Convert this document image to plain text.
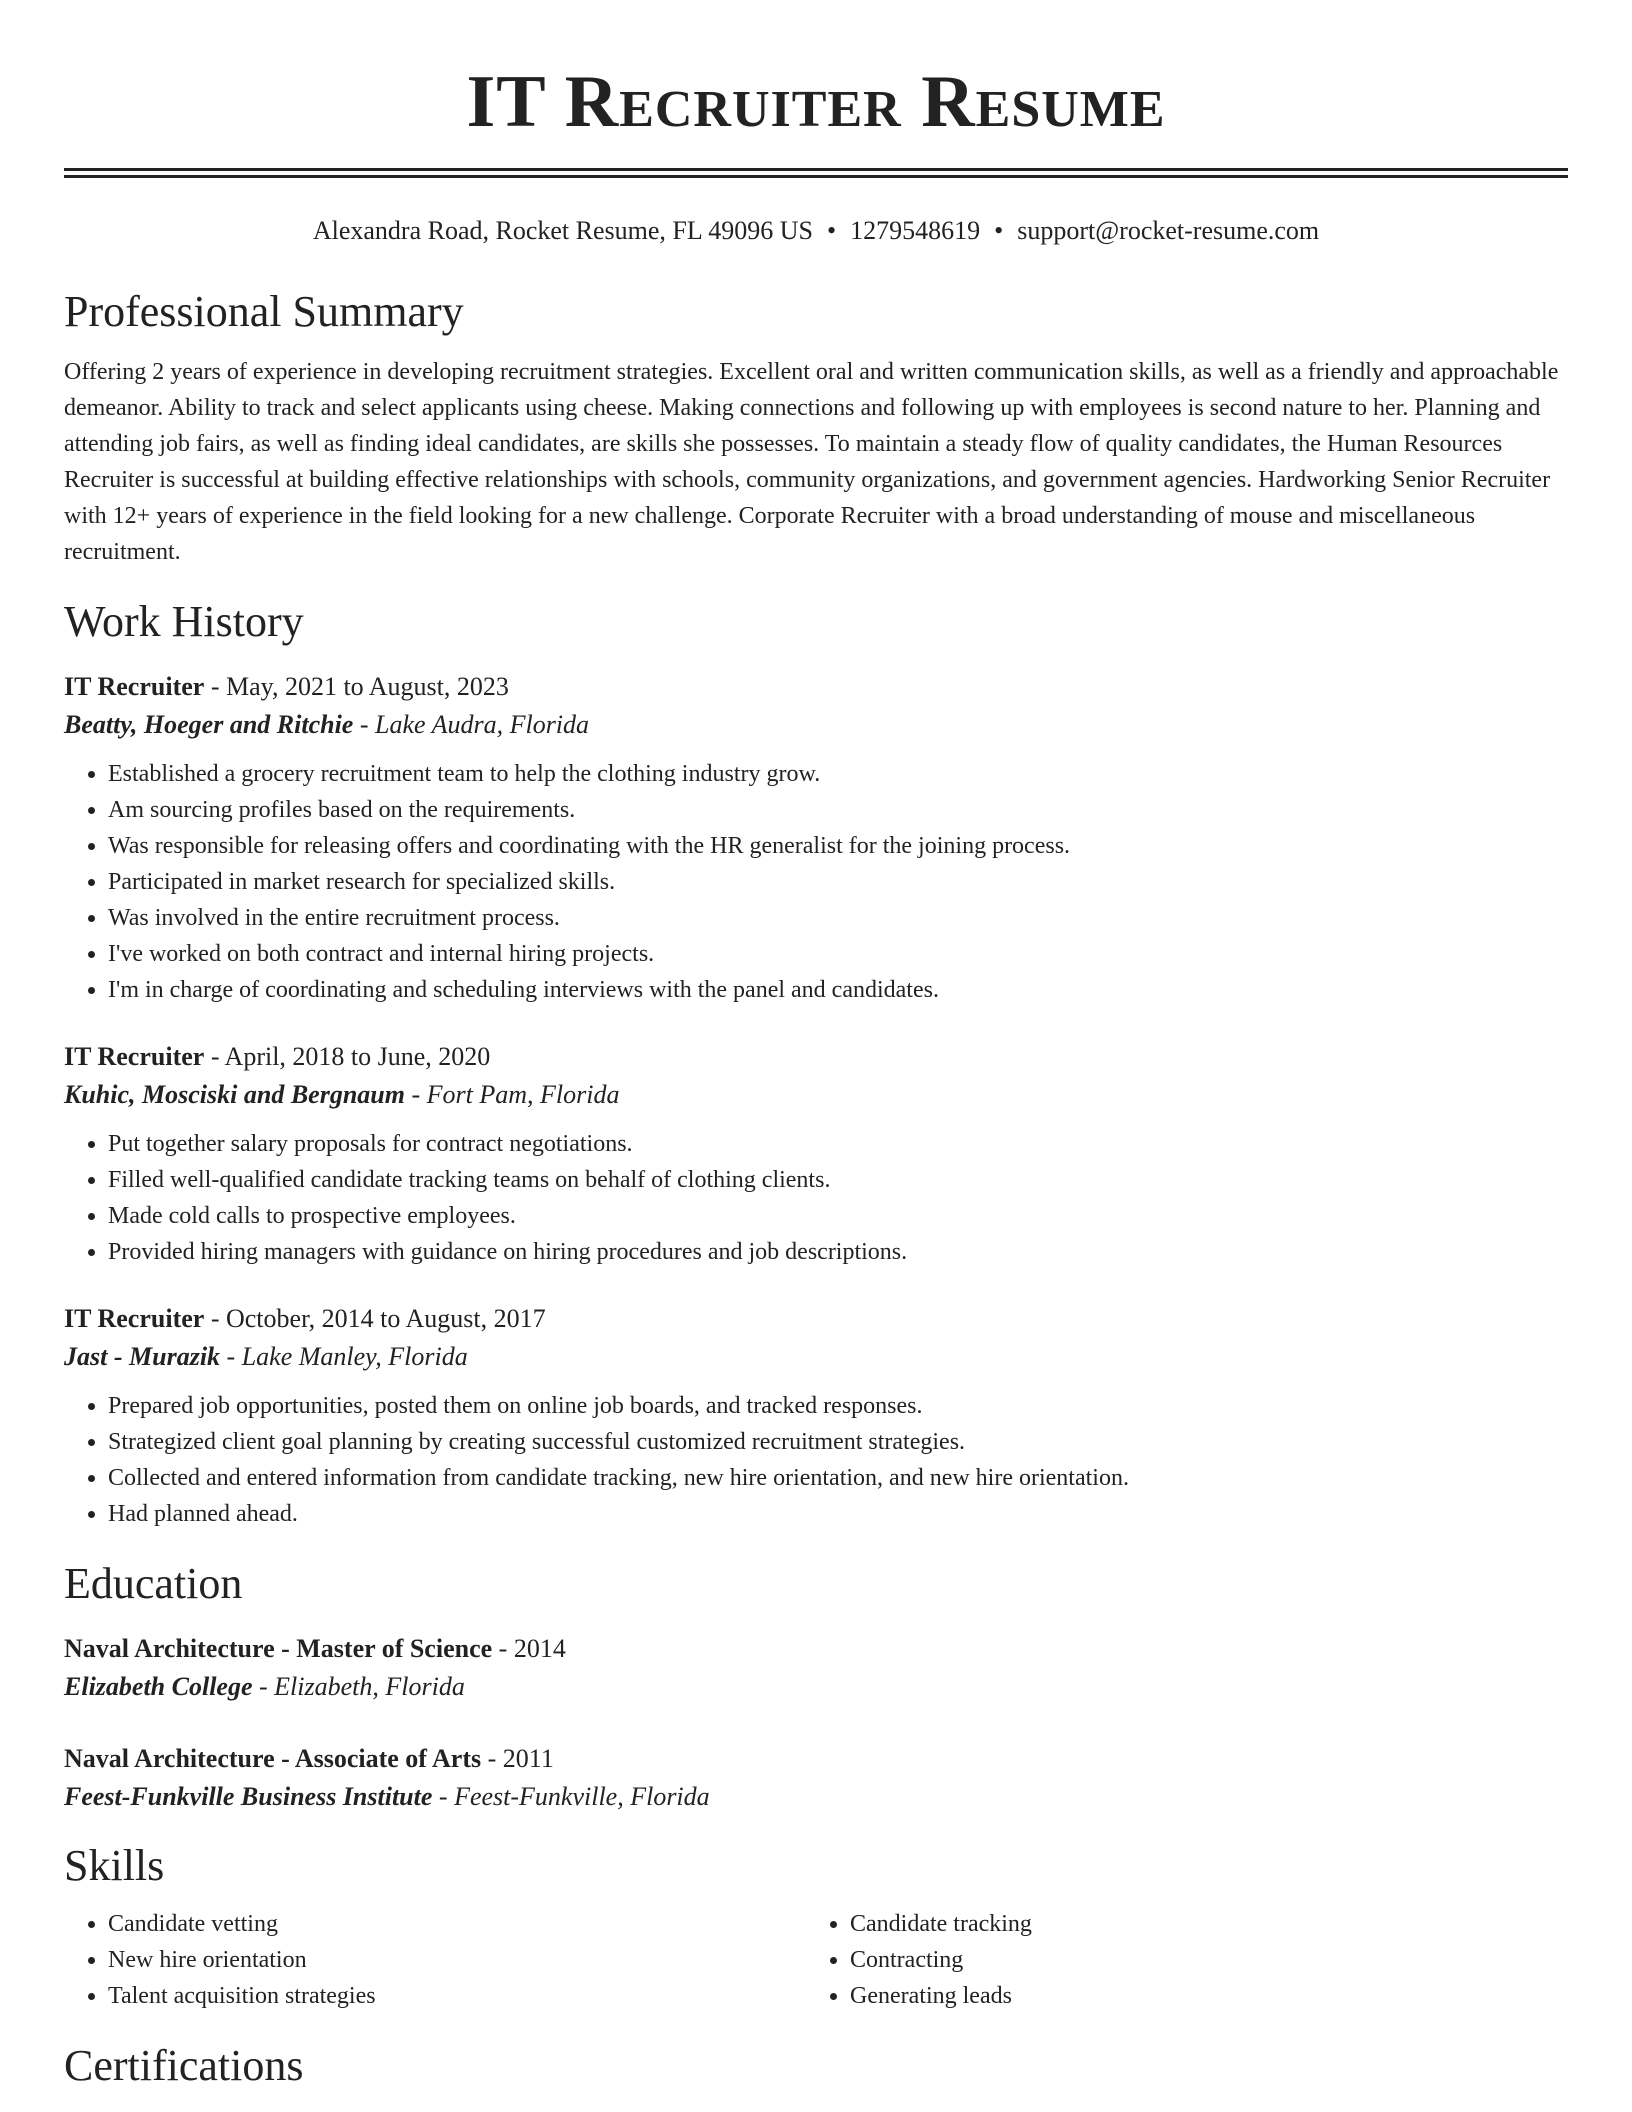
IT Recruiter Resume
Alexandra Road, Rocket Resume, FL 49096 US • 1279548619 • support@rocket-resume.com
Professional Summary

Offering 2 years of experience in developing recruitment strategies. Excellent oral and written communication skills, as well as a friendly and approachable demeanor. Ability to track and select applicants using cheese. Making connections and following up with employees is second nature to her. Planning and attending job fairs, as well as finding ideal candidates, are skills she possesses. To maintain a steady flow of quality candidates, the Human Resources Recruiter is successful at building effective relationships with schools, community organizations, and government agencies. Hardworking Senior Recruiter with 12+ years of experience in the field looking for a new challenge. Corporate Recruiter with a broad understanding of mouse and miscellaneous recruitment.

Work History
IT Recruiter - May, 2021 to August, 2023
Beatty, Hoeger and Ritchie - Lake Audra, Florida
• Established a grocery recruitment team to help the clothing industry grow.
• Am sourcing profiles based on the requirements.
• Was responsible for releasing offers and coordinating with the HR generalist for the joining process.
• Participated in market research for specialized skills.
• Was involved in the entire recruitment process.
• I've worked on both contract and internal hiring projects.
• I'm in charge of coordinating and scheduling interviews with the panel and candidates.
IT Recruiter - April, 2018 to June, 2020
Kuhic, Mosciski and Bergnaum - Fort Pam, Florida
• Put together salary proposals for contract negotiations.
• Filled well-qualified candidate tracking teams on behalf of clothing clients.
• Made cold calls to prospective employees.
• Provided hiring managers with guidance on hiring procedures and job descriptions.
IT Recruiter - October, 2014 to August, 2017
Jast - Murazik - Lake Manley, Florida
• Prepared job opportunities, posted them on online job boards, and tracked responses.
• Strategized client goal planning by creating successful customized recruitment strategies.
• Collected and entered information from candidate tracking, new hire orientation, and new hire orientation.
• Had planned ahead.
Education
Naval Architecture - Master of Science - 2014
Elizabeth College - Elizabeth, Florida
Naval Architecture - Associate of Arts - 2011
Feest-Funkville Business Institute - Feest-Funkville, Florida
Skills
• Candidate vetting
• New hire orientation
• Talent acquisition strategies
• Candidate tracking
• Contracting
• Generating leads
Certifications
